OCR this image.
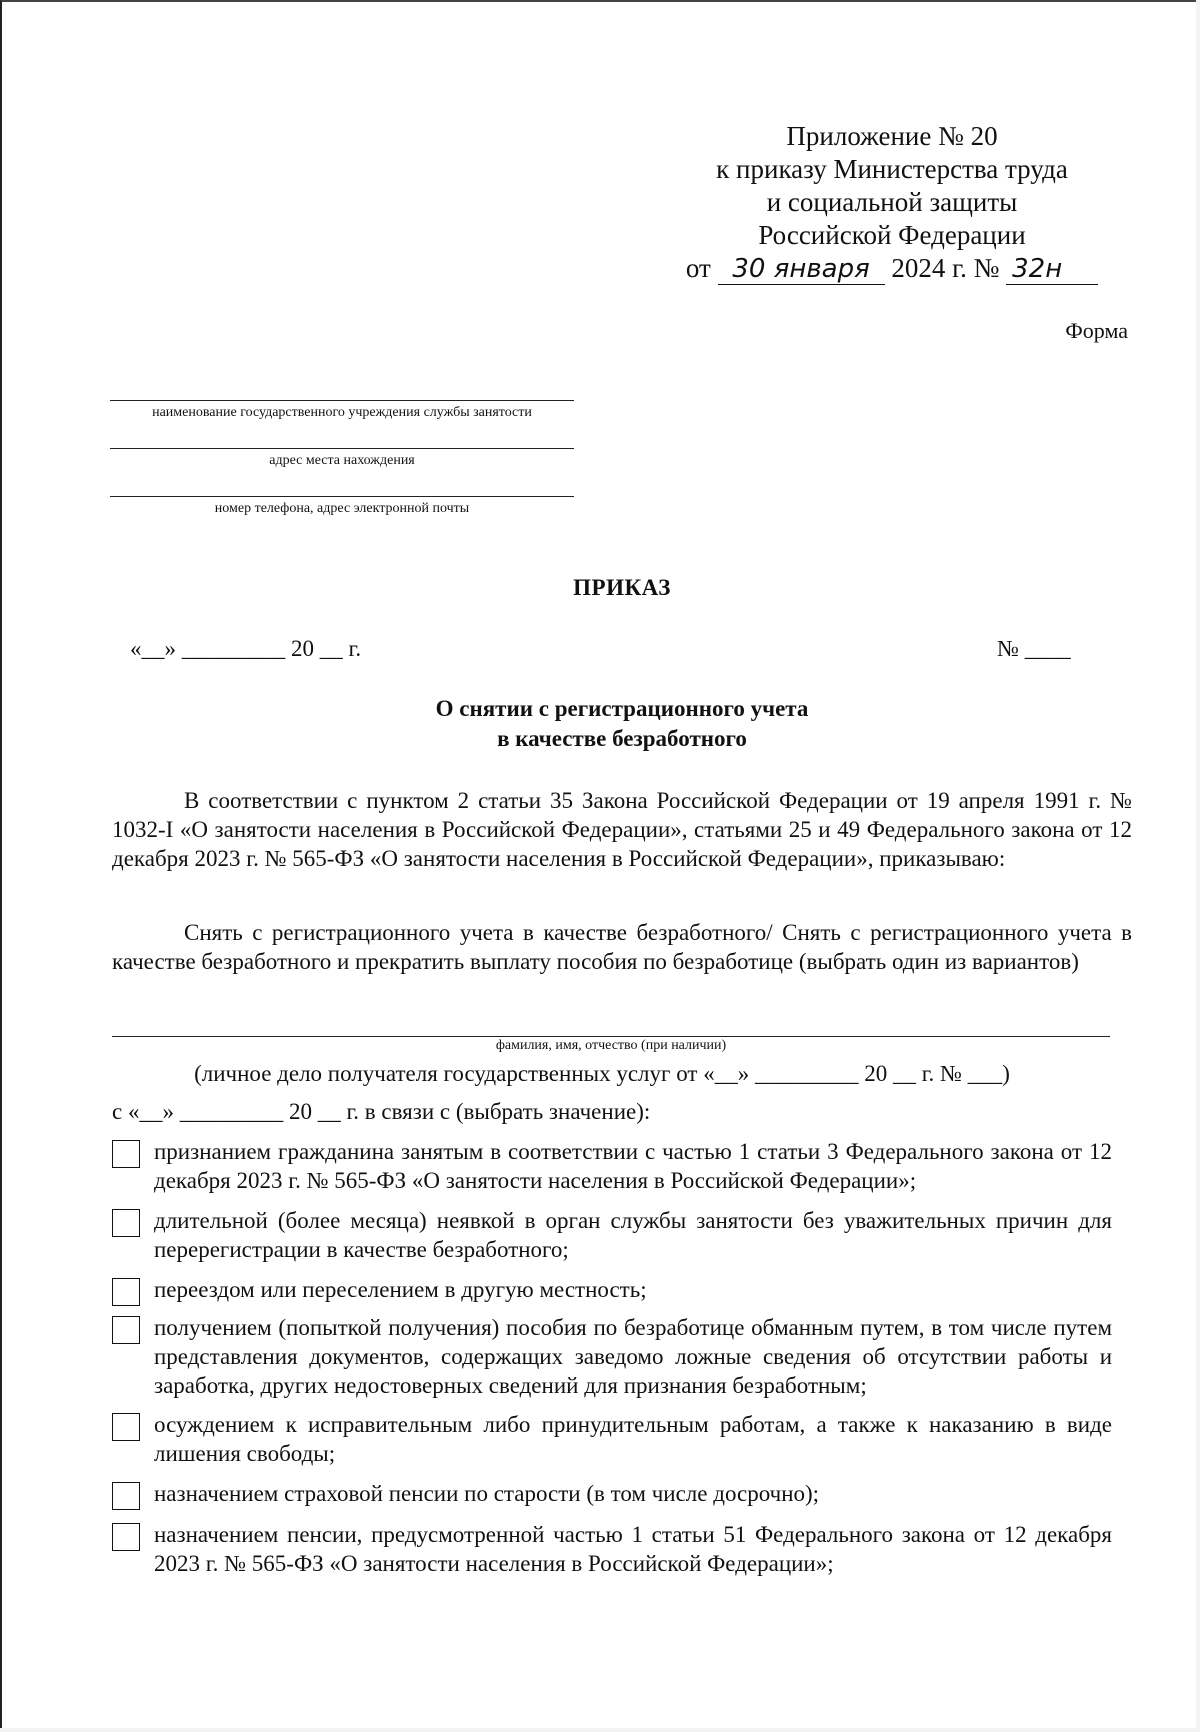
Приложение № 20
к приказу Министерства труда
и социальной защиты
Российской Федерации
от 30 января 2024 г. № 32н
Форма
наименование государственного учреждения службы занятости
адрес места нахождения
номер телефона, адрес электронной почты
ПРИКАЗ
«__» _________ 20 __ г.	№ ____
О снятии с регистрационного учета
в качестве безработного
В соответствии с пунктом 2 статьи 35 Закона Российской Федерации от 19 апреля 1991 г. № 1032-I «О занятости населения в Российской Федерации», статьями 25 и 49 Федерального закона от 12 декабря 2023 г. № 565-ФЗ «О занятости населения в Российской Федерации», приказываю:
Снять с регистрационного учета в качестве безработного/ Снять с регистрационного учета в качестве безработного и прекратить выплату пособия по безработице (выбрать один из вариантов)
фамилия, имя, отчество (при наличии)
(личное дело получателя государственных услуг от «__» _________ 20 __ г. № ___)
с «__» _________ 20 __ г. в связи с (выбрать значение):
признанием гражданина занятым в соответствии с частью 1 статьи 3 Федерального закона от 12 декабря 2023 г. № 565-ФЗ «О занятости населения в Российской Федерации»;
длительной (более месяца) неявкой в орган службы занятости без уважительных причин для перерегистрации в качестве безработного;
переездом или переселением в другую местность;
получением (попыткой получения) пособия по безработице обманным путем, в том числе путем представления документов, содержащих заведомо ложные сведения об отсутствии работы и заработка, других недостоверных сведений для признания безработным;
осуждением к исправительным либо принудительным работам, а также к наказанию в виде лишения свободы;
назначением страховой пенсии по старости (в том числе досрочно);
назначением пенсии, предусмотренной частью 1 статьи 51 Федерального закона от 12 декабря 2023 г. № 565-ФЗ «О занятости населения в Российской Федерации»;
